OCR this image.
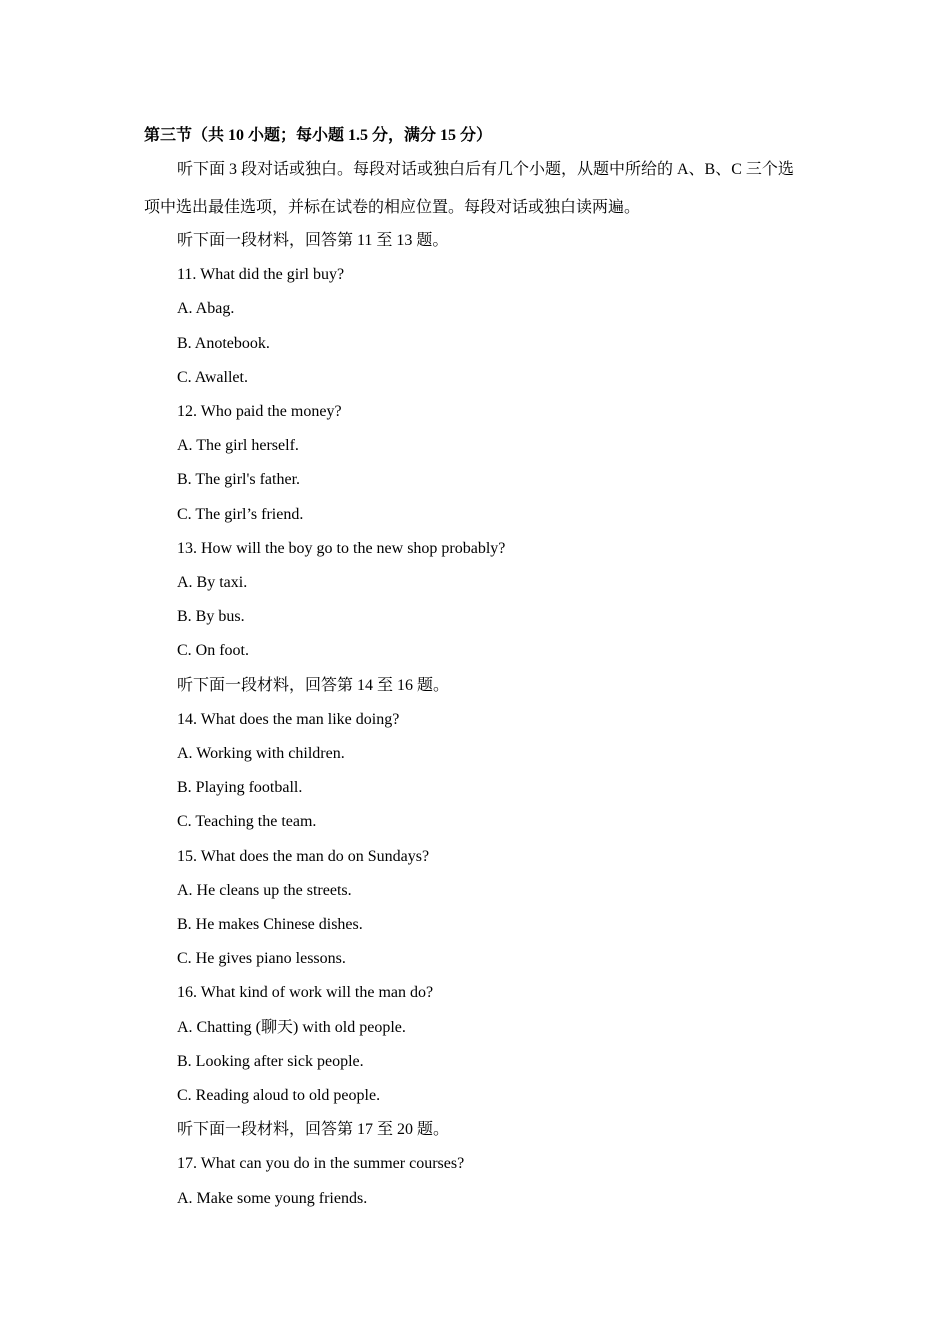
第三节（共 10 小题；每小题 1.5 分，满分 15 分）
听下面 3 段对话或独白。每段对话或独白后有几个小题，从题中所给的 A、B、C 三个选
项中选出最佳选项，并标在试卷的相应位置。每段对话或独白读两遍。
听下面一段材料，回答第 11 至 13 题。
11. What did the girl buy?
A. Abag.
B. Anotebook.
C. Awallet.
12. Who paid the money?
A. The girl herself.
B. The girl's father.
C. The girl’s friend.
13. How will the boy go to the new shop probably?
A. By taxi.
B. By bus.
C. On foot.
听下面一段材料，回答第 14 至 16 题。
14. What does the man like doing?
A. Working with children.
B. Playing football.
C. Teaching the team.
15. What does the man do on Sundays?
A. He cleans up the streets.
B. He makes Chinese dishes.
C. He gives piano lessons.
16. What kind of work will the man do?
A. Chatting (聊天) with old people.
B. Looking after sick people.
C. Reading aloud to old people.
听下面一段材料，回答第 17 至 20 题。
17. What can you do in the summer courses?
A. Make some young friends.
